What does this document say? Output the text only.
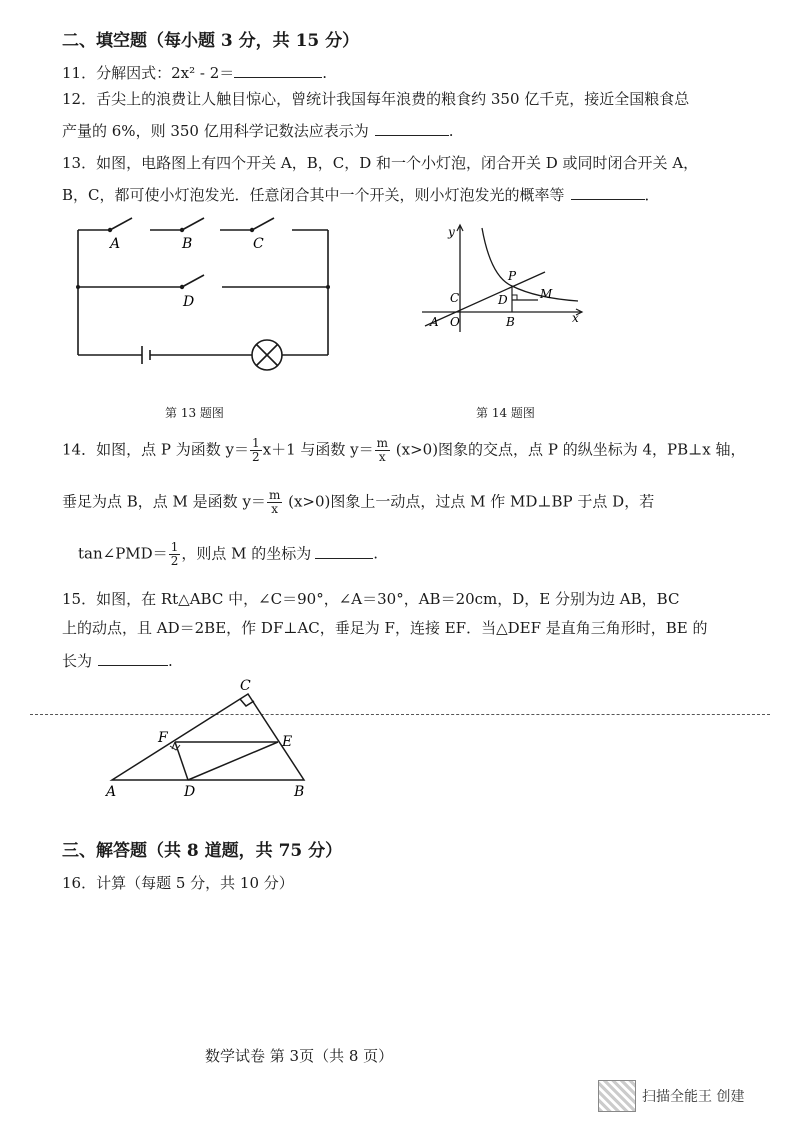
二、填空题（每小题 3 分，共 15 分）
11．分解因式：2x² - 2＝	.
12．舌尖上的浪费让人触目惊心，曾统计我国每年浪费的粮食约 350 亿千克，接近全国粮食总
产量的 6%，则 350 亿用科学记数法应表示为	.
13．如图，电路图上有四个开关 A，B，C，D 和一个小灯泡，闭合开关 D 或同时闭合开关 A，
B，C，都可使小灯泡发光．任意闭合其中一个开关，则小灯泡发光的概率等	．
A	B	C
D
y
P
M
C	D
A O	B	x
第 13 题图	第 14 题图
14．如图，点 P 为函数 $y= \frac{1}{2} x+1$ 与函数 $y= \frac{m}{x} (x>0)$图象的交点，点 P 的纵坐标为 4，PB⊥x 轴，
垂足为点 B，点 M 是函数 $y= \frac{m}{x} (x>0)$图象上一动点，过点 M 作 MD⊥BP 于点 D，若
tan∠PMD＝ $\frac{1}{2}$ ，则点 M 的坐标为	.
15．如图，在 Rt△ABC 中，∠C＝90°，∠A＝30°，AB＝20cm，D，E 分别为边 AB，BC
上的动点，且 AD＝2BE，作 DF⊥AC，垂足为 F，连接 EF．当△DEF 是直角三角形时，BE 的
长为	.
C
F	E
A	D	B
三、解答题（共 8 道题，共 75 分）
16．计算（每题 5 分，共 10 分）
数学试卷 第 3页（共 8 页）
扫描全能王 创建
